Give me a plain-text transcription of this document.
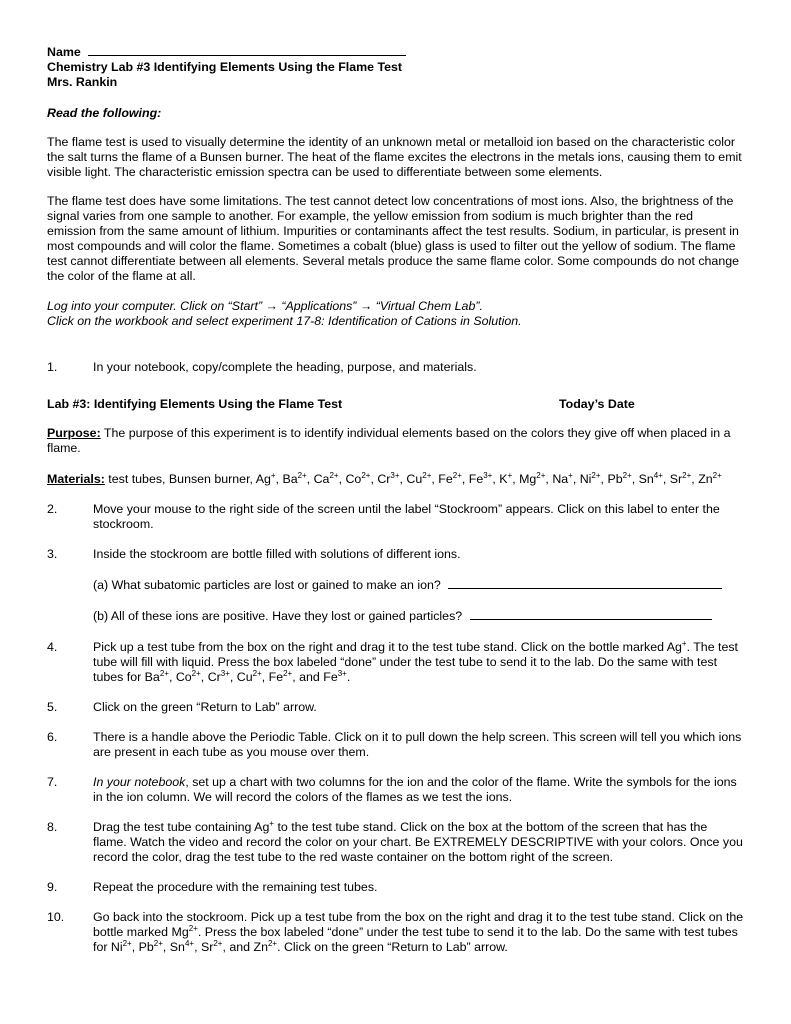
Name
Chemistry Lab #3 Identifying Elements Using the Flame Test
Mrs. Rankin
Read the following:

The flame test is used to visually determine the identity of an unknown metal or metalloid ion based on the characteristic color the salt turns the flame of a Bunsen burner. The heat of the flame excites the electrons in the metals ions, causing them to emit visible light. The characteristic emission spectra can be used to differentiate between some elements.

The flame test does have some limitations. The test cannot detect low concentrations of most ions. Also, the brightness of the signal varies from one sample to another. For example, the yellow emission from sodium is much brighter than the red emission from the same amount of lithium. Impurities or contaminants affect the test results. Sodium, in particular, is present in most compounds and will color the flame. Sometimes a cobalt (blue) glass is used to filter out the yellow of sodium. The flame test cannot differentiate between all elements. Several metals produce the same flame color. Some compounds do not change the color of the flame at all.

Log into your computer. Click on “Start” → “Applications” → “Virtual Chem Lab”.

Click on the workbook and select experiment 17-8: Identification of Cations in Solution.

1.	In your notebook, copy/complete the heading, purpose, and materials.
Lab #3: Identifying Elements Using the Flame Test	Today’s Date

Purpose: The purpose of this experiment is to identify individual elements based on the colors they give off when placed in a flame.

Materials: test tubes, Bunsen burner, Ag+, $Ba^{2+}$, $Ca^{2+}$, $Co^{2+}$, $Cr^{3+}$, $Cu^{2+}$, $Fe^{2+}$, $Fe^{3+}$, K+, $Mg^{2+}$, Na+, $Ni^{2+}$, $Pb^{2+}$, $Sn^{4+}$, $Sr^{2+}$, $Zn^{2+}$

2.	Move your mouse to the right side of the screen until the label “Stockroom” appears. Click on this label to enter the stockroom.
3.	Inside the stockroom are bottle filled with solutions of different ions.
(a) What subatomic particles are lost or gained to make an ion?
(b) All of these ions are positive. Have they lost or gained particles?
4.	Pick up a test tube from the box on the right and drag it to the test tube stand. Click on the bottle marked Ag+. The test tube will fill with liquid. Press the box labeled “done” under the test tube to send it to the lab. Do the same with test tubes for $Ba^{2+}$, $Co^{2+}$, $Cr^{3+}$, $Cu^{2+}$, $Fe^{2+}$, and $Fe^{3+}$.
5.	Click on the green “Return to Lab” arrow.
6.	There is a handle above the Periodic Table. Click on it to pull down the help screen. This screen will tell you which ions are present in each tube as you mouse over them.
7.	In your notebook, set up a chart with two columns for the ion and the color of the flame. Write the symbols for the ions in the ion column. We will record the colors of the flames as we test the ions.
8.	Drag the test tube containing Ag+ to the test tube stand. Click on the box at the bottom of the screen that has the flame. Watch the video and record the color on your chart. Be EXTREMELY DESCRIPTIVE with your colors. Once you record the color, drag the test tube to the red waste container on the bottom right of the screen.
9.	Repeat the procedure with the remaining test tubes.
10. Go back into the stockroom. Pick up a test tube from the box on the right and drag it to the test tube stand. Click on the bottle marked $Mg^{2+}$. Press the box labeled “done” under the test tube to send it to the lab. Do the same with test tubes for $Ni^{2+}$, $Pb^{2+}$, $Sn^{4+}$, $Sr^{2+}$, and $Zn^{2+}$. Click on the green “Return to Lab” arrow.
